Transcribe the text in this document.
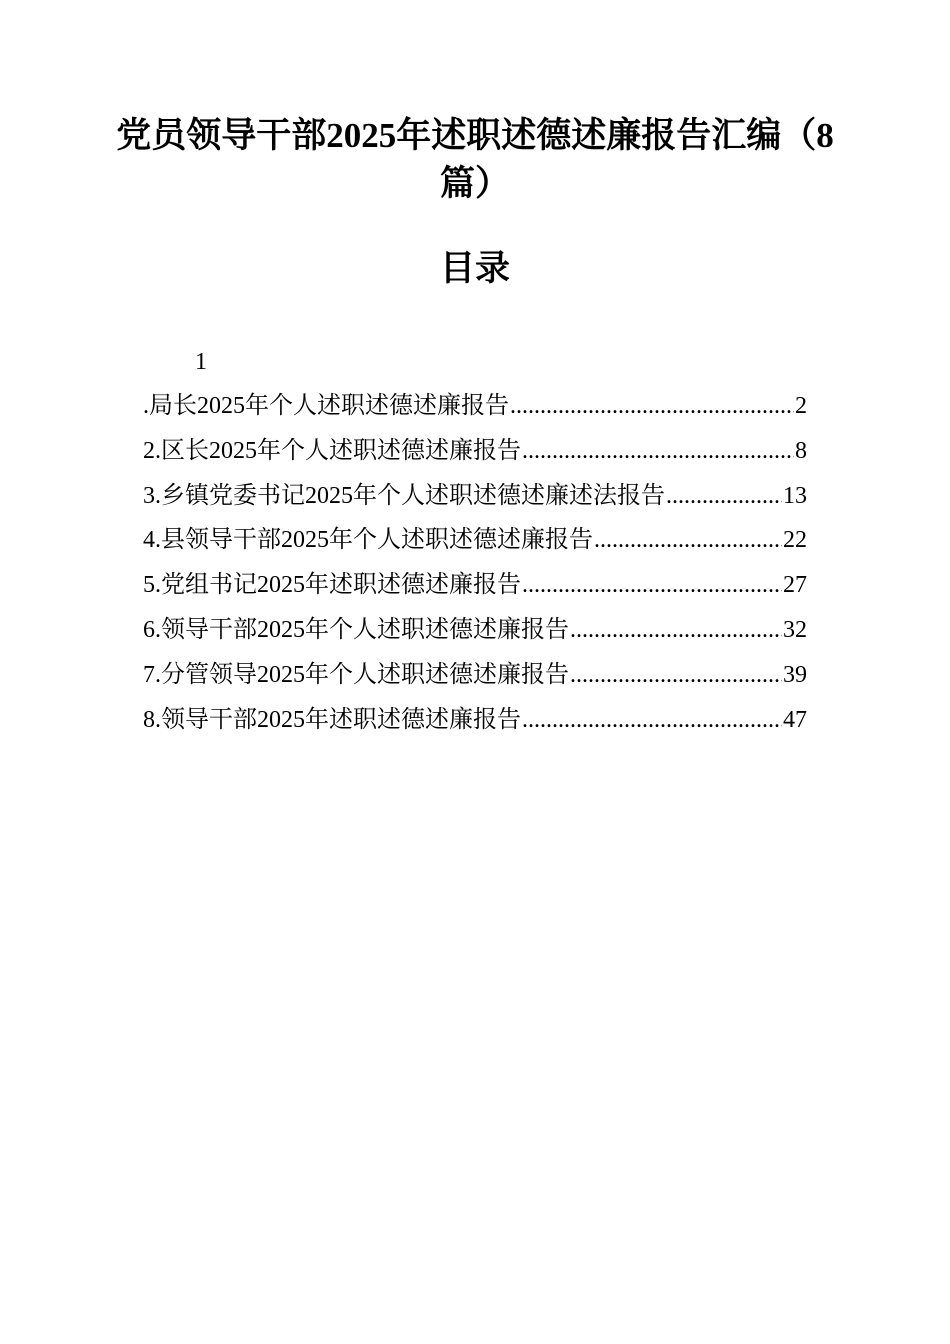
党员领导干部2025年述职述德述廉报告汇编（8篇）
目录
1
.局长2025年个人述职述德述廉报告 .....	2
2.区长2025年个人述职述德述廉报告 .....	8
3.乡镇党委书记2025年个人述职述德述廉述法报告 .....	13
4.县领导干部2025年个人述职述德述廉报告 .....	22
5.党组书记2025年述职述德述廉报告 .....	27
6.领导干部2025年个人述职述德述廉报告 .....	32
7.分管领导2025年个人述职述德述廉报告 .....	39
8.领导干部2025年述职述德述廉报告 .....	47
